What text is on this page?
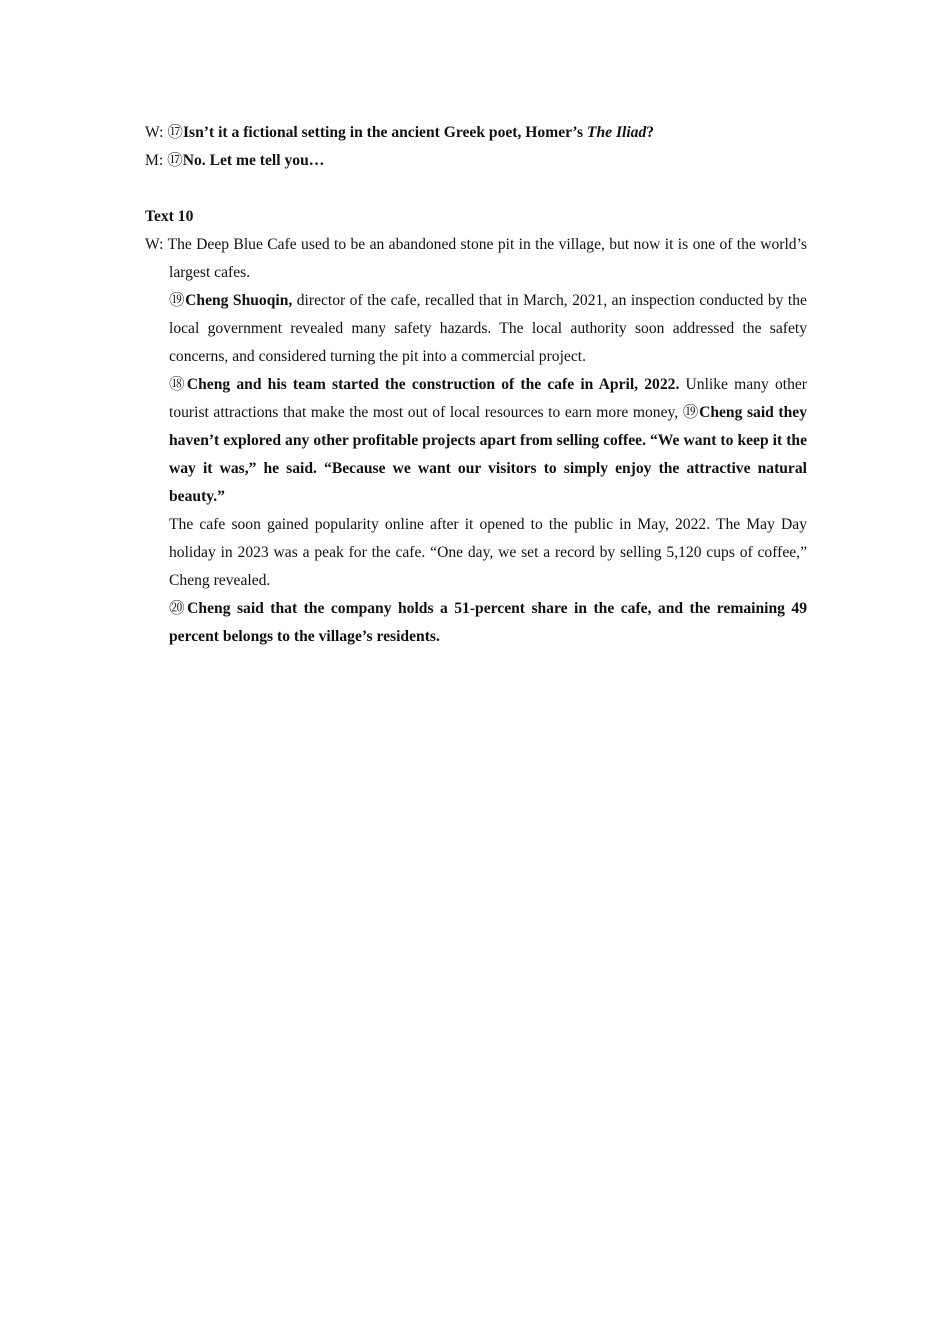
W: ⑰Isn’t it a fictional setting in the ancient Greek poet, Homer’s The Iliad?

M: ⑰No. Let me tell you…

Text 10

W: The Deep Blue Cafe used to be an abandoned stone pit in the village, but now it is one of the world’s largest cafes.

⑲Cheng Shuoqin, director of the cafe, recalled that in March, 2021, an inspection conducted by the local government revealed many safety hazards. The local authority soon addressed the safety concerns, and considered turning the pit into a commercial project.

⑱Cheng and his team started the construction of the cafe in April, 2022. Unlike many other tourist attractions that make the most out of local resources to earn more money, ⑲Cheng said they haven’t explored any other profitable projects apart from selling coffee. “We want to keep it the way it was,” he said. “Because we want our visitors to simply enjoy the attractive natural beauty.”

The cafe soon gained popularity online after it opened to the public in May, 2022. The May Day holiday in 2023 was a peak for the cafe. “One day, we set a record by selling 5,120 cups of coffee,” Cheng revealed.

⑳Cheng said that the company holds a 51-percent share in the cafe, and the remaining 49 percent belongs to the village’s residents.
